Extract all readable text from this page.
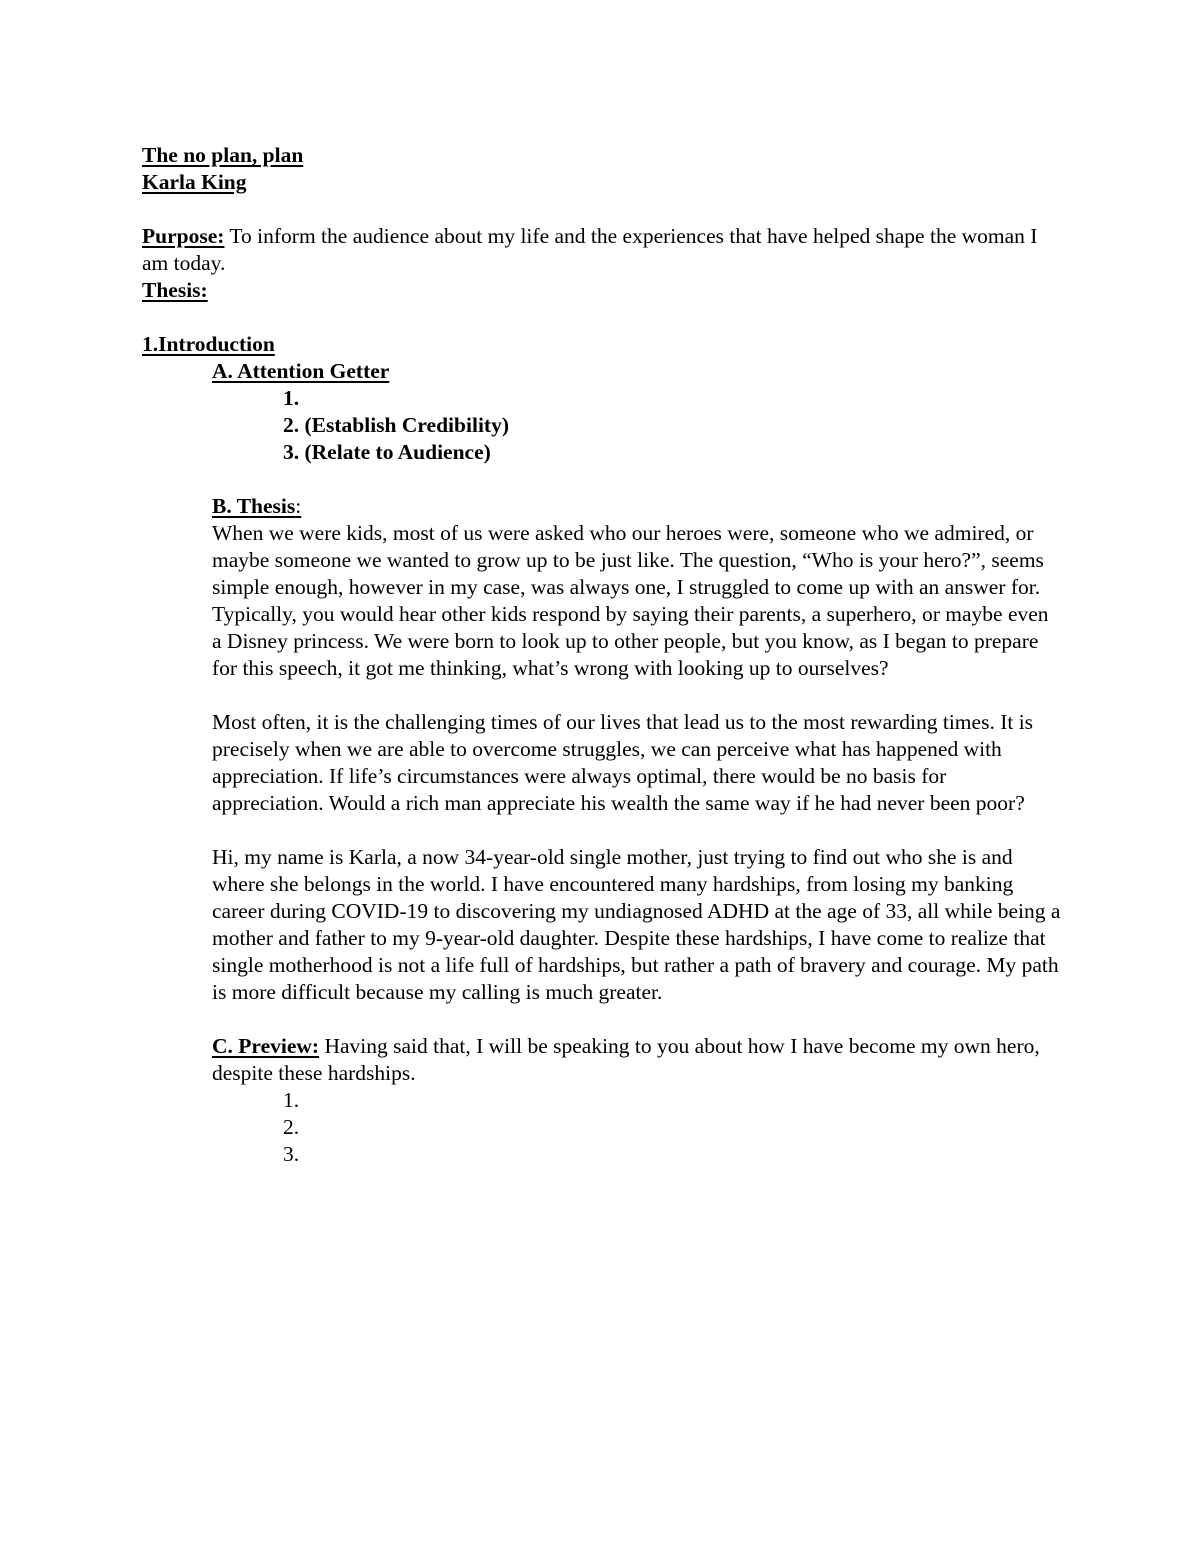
The no plan, plan
Karla King
Purpose: To inform the audience about my life and the experiences that have helped shape the woman I am today.
Thesis:
1.Introduction
A. Attention Getter
1.
2. (Establish Credibility)
3. (Relate to Audience)
B. Thesis:

When we were kids, most of us were asked who our heroes were, someone who we admired, or maybe someone we wanted to grow up to be just like. The question, “Who is your hero?”, seems simple enough, however in my case, was always one, I struggled to come up with an answer for. Typically, you would hear other kids respond by saying their parents, a superhero, or maybe even a Disney princess. We were born to look up to other people, but you know, as I began to prepare for this speech, it got me thinking, what’s wrong with looking up to ourselves?

Most often, it is the challenging times of our lives that lead us to the most rewarding times. It is precisely when we are able to overcome struggles, we can perceive what has happened with appreciation. If life’s circumstances were always optimal, there would be no basis for appreciation. Would a rich man appreciate his wealth the same way if he had never been poor?

Hi, my name is Karla, a now 34-year-old single mother, just trying to find out who she is and where she belongs in the world. I have encountered many hardships, from losing my banking career during COVID-19 to discovering my undiagnosed ADHD at the age of 33, all while being a mother and father to my 9-year-old daughter. Despite these hardships, I have come to realize that single motherhood is not a life full of hardships, but rather a path of bravery and courage. My path is more difficult because my calling is much greater.

C. Preview: Having said that, I will be speaking to you about how I have become my own hero, despite these hardships.

1.
2.
3.
